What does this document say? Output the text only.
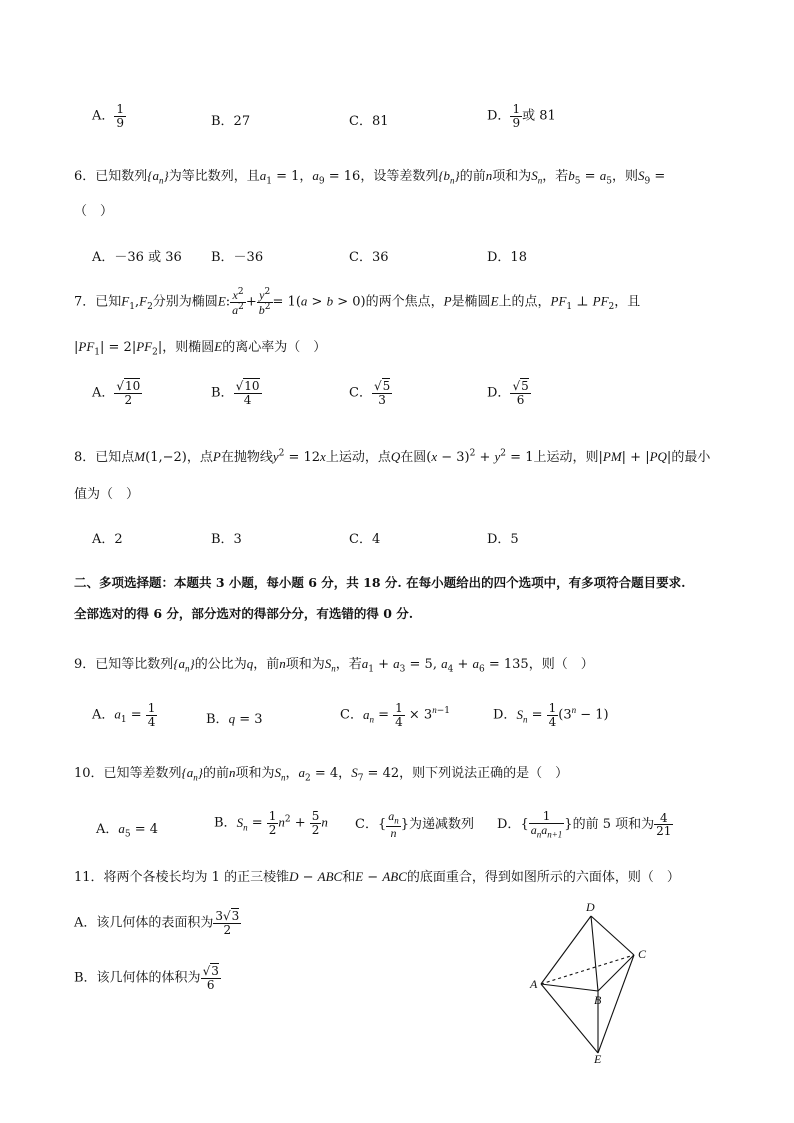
A． $\frac{1}{9}$	B．27	C．81	D． $\frac{1}{9}$ 或 81
6．已知数列$\{a_n\}$为等比数列，且$a_1 = 1$，$a_9 = 16$，设等差数列$\{b_n\}$的前n项和为$S_n$，若$b_5 = a_5$，则$S_9$ =
（　）
A．－36 或 36 B．－36	C．36	D．18
7．已知$F_1,F_2$分别为椭圆E: $\frac{x^2}{a^2} + \frac{y^2}{b^2} = 1(a > b > 0)$的两个焦点，P是椭圆E上的点，$PF_1$ ⊥ $PF_2$，且
$|PF_1| = 2|PF_2|$，则椭圆E的离心率为（　）
A． $\frac{√10}{2}$	B． $\frac{√10}{4}$	C． $\frac{√5}{3}$	D． $\frac{√5}{6}$
8．已知点M(1,−2)，点P在抛物线$y^2 = 12x$上运动，点Q在圆$(x - 3)^2 + y^2 = 1$上运动，则|PM| + |PQ|的最小
值为（　）
A．2	B．3	C．4	D．5
二、多项选择题：本题共 3 小题，每小题 6 分，共 18 分. 在每小题给出的四个选项中，有多项符合题目要求.
全部选对的得 6 分，部分选对的得部分分，有选错的得 0 分.
9．已知等比数列$\{a_n\}$的公比为q，前n项和为$S_n$，若$a_1 + a_3 = 5$, $a_4 + a_6 = 135$，则（　）
A．$a_1 = \frac{1}{4}$	B．q = 3	C．$a_n = \frac{1}{4} \times 3^{n-1}$	D．$S_n = \frac{1}{4} (3^n - 1)$
10．已知等差数列$\{a_n\}$的前n项和为$S_n$，$a_2 = 4$，$S_7 = 42$，则下列说法正确的是（　）
A．$a_5 = 4$	B．$S_n = \frac{1}{2} n^2 + \frac{5}{2}$ n C．{ $\frac{a_n}{n}$ }为递减数列 D．{ $\frac{1}{a_na_{n+1}}$ }的前 5 项和为 $\frac{4}{21}$
11．将两个各棱长均为 1 的正三棱锥D − ABC和E − ABC的底面重合，得到如图所示的六面体，则（　）
A．该几何体的表面积为 $\frac{3√3}{2}$
B．该几何体的体积为 $\frac{√3}{6}$
D
C
A
B
E
